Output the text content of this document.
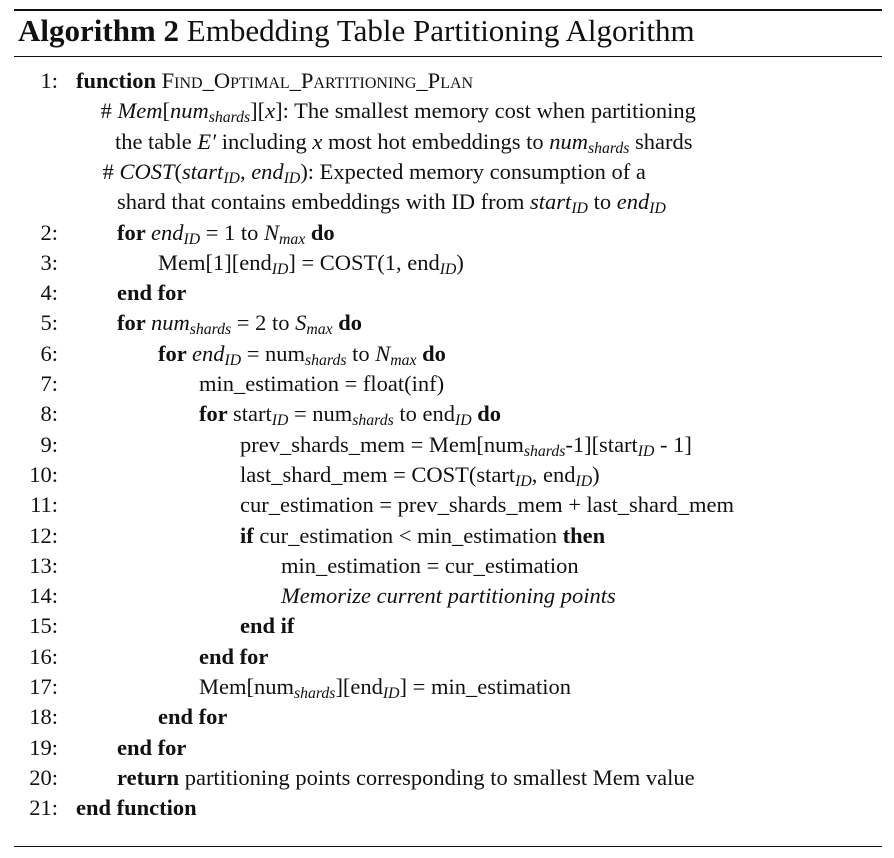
Algorithm 2 Embedding Table Partitioning Algorithm
1: function Find_Optimal_Partitioning_Plan
# Mem[num$_{shards}$][x]: The smallest memory cost when partitioning
the table E′ including x most hot embeddings to num$_{shards}$ shards
# COST(start$_{ID}$, end$_{ID}$): Expected memory consumption of a
shard that contains embeddings with ID from start$_{ID}$ to end$_{ID}$
2:	for end$_{ID}$ = 1 to $N_{max}$ do
3:	Mem[1][end$_{ID}$] = COST(1, end$_{ID}$)
4:	end for
5:	for num$_{shards}$ = 2 to $S_{max}$ do
6:	for end$_{ID}$ = num$_{shards}$ to $N_{max}$ do
7:	min_estimation = float(inf)
8:	for start$_{ID}$ = num$_{shards}$ to end$_{ID}$ do
9:	prev_shards_mem = Mem[num$_{shards}$-1][start$_{ID}$ - 1]
10:	last_shard_mem = COST(start$_{ID}$, end$_{ID}$)
11:	cur_estimation = prev_shards_mem + last_shard_mem
12:	if cur_estimation < min_estimation then
13:	min_estimation = cur_estimation
14:	Memorize current partitioning points
15:	end if
16:	end for
17:	Mem[num$_{shards}$][end$_{ID}$] = min_estimation
18:	end for
19:	end for
20:	return partitioning points corresponding to smallest Mem value
21: end function
